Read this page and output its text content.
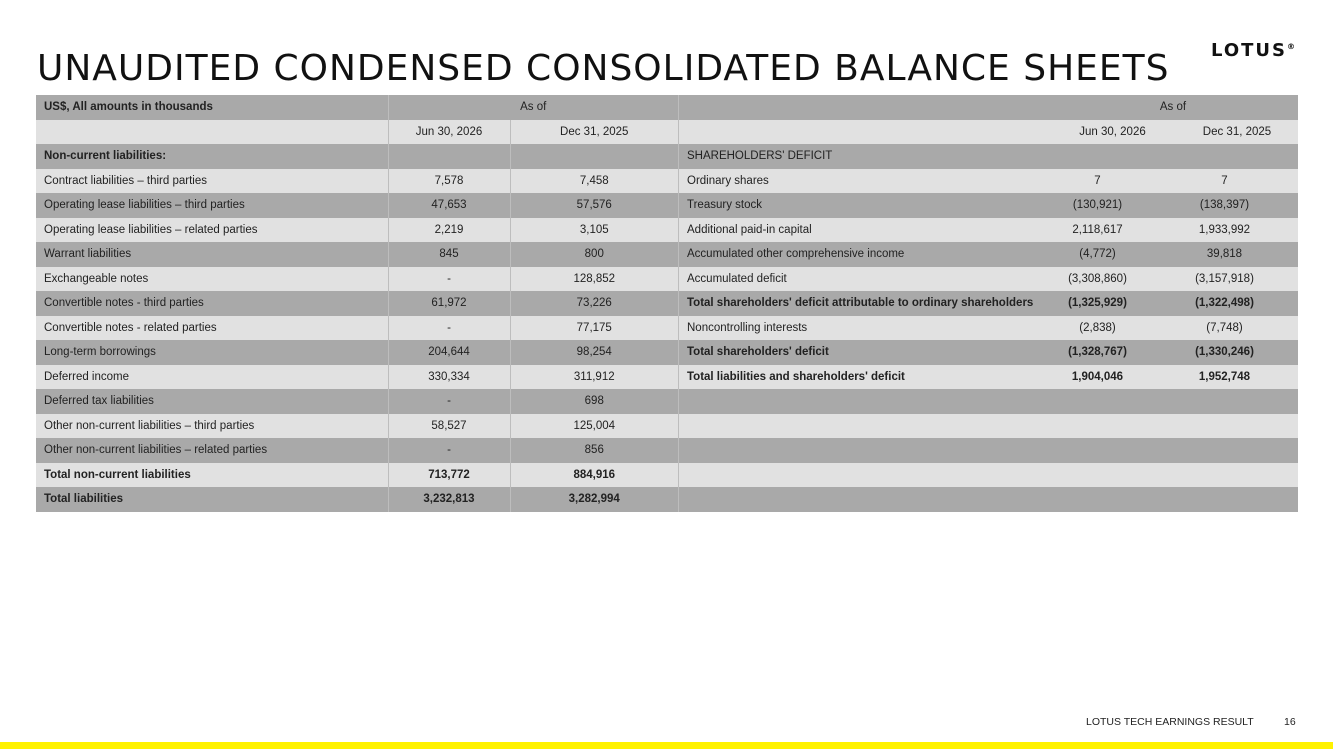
UNAUDITED CONDENSED CONSOLIDATED BALANCE SHEETS LOTUS®
US$, All amounts in thousands	As of	
	Jun 30, 2026	Dec 31, 2025
Non-current liabilities:		
Contract liabilities – third parties	7,578	7,458
Operating lease liabilities – third parties	47,653	57,576
Operating lease liabilities – related parties	2,219	3,105
Warrant liabilities	845	800
Exchangeable notes	-	128,852
Convertible notes - third parties	61,972	73,226
Convertible notes - related parties	-	77,175
Long-term borrowings	204,644	98,254
Deferred income	330,334	311,912
Deferred tax liabilities	-	698
Other non-current liabilities – third parties	58,527	125,004
Other non-current liabilities – related parties	-	856
Total non-current liabilities	713,772	884,916
Total liabilities	3,232,813	3,282,994
	As of	
	Jun 30, 2026	Dec 31, 2025
SHAREHOLDERS' DEFICIT		
Ordinary shares	7	7
Treasury stock	(130,921)	(138,397)
Additional paid-in capital	2,118,617	1,933,992
Accumulated other comprehensive income	(4,772)	39,818
Accumulated deficit	(3,308,860)	(3,157,918)
Total shareholders' deficit attributable to ordinary shareholders	(1,325,929)	(1,322,498)
Noncontrolling interests	(2,838)	(7,748)
Total shareholders' deficit	(1,328,767)	(1,330,246)
Total liabilities and shareholders' deficit	1,904,046	1,952,748

LOTUS TECH EARNINGS RESULT	16
